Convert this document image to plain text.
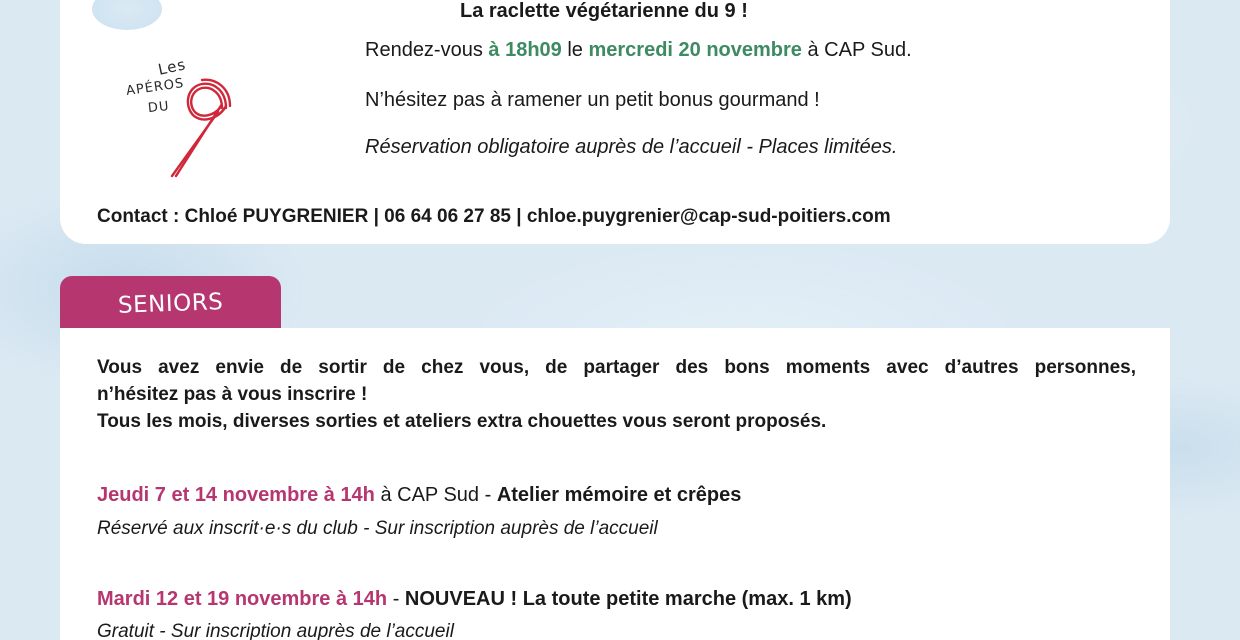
La raclette végétarienne du 9 !
Rendez-vous à 18h09 le mercredi 20 novembre à CAP Sud.
N’hésitez pas à ramener un petit bonus gourmand !
Réservation obligatoire auprès de l’accueil - Places limitées.
Les
APÉROS
DU
Contact : Chloé PUYGRENIER | 06 64 06 27 85 | chloe.puygrenier@cap-sud-poitiers.com
SENIORS

Vous avez envie de sortir de chez vous, de partager des bons moments avec d’autres personnes,

n’hésitez pas à vous inscrire !

Tous les mois, diverses sorties et ateliers extra chouettes vous seront proposés.

Jeudi 7 et 14 novembre à 14h à CAP Sud - Atelier mémoire et crêpes
Réservé aux inscrit·e·s du club - Sur inscription auprès de l’accueil
Mardi 12 et 19 novembre à 14h - NOUVEAU ! La toute petite marche (max. 1 km)
Gratuit - Sur inscription auprès de l’accueil
